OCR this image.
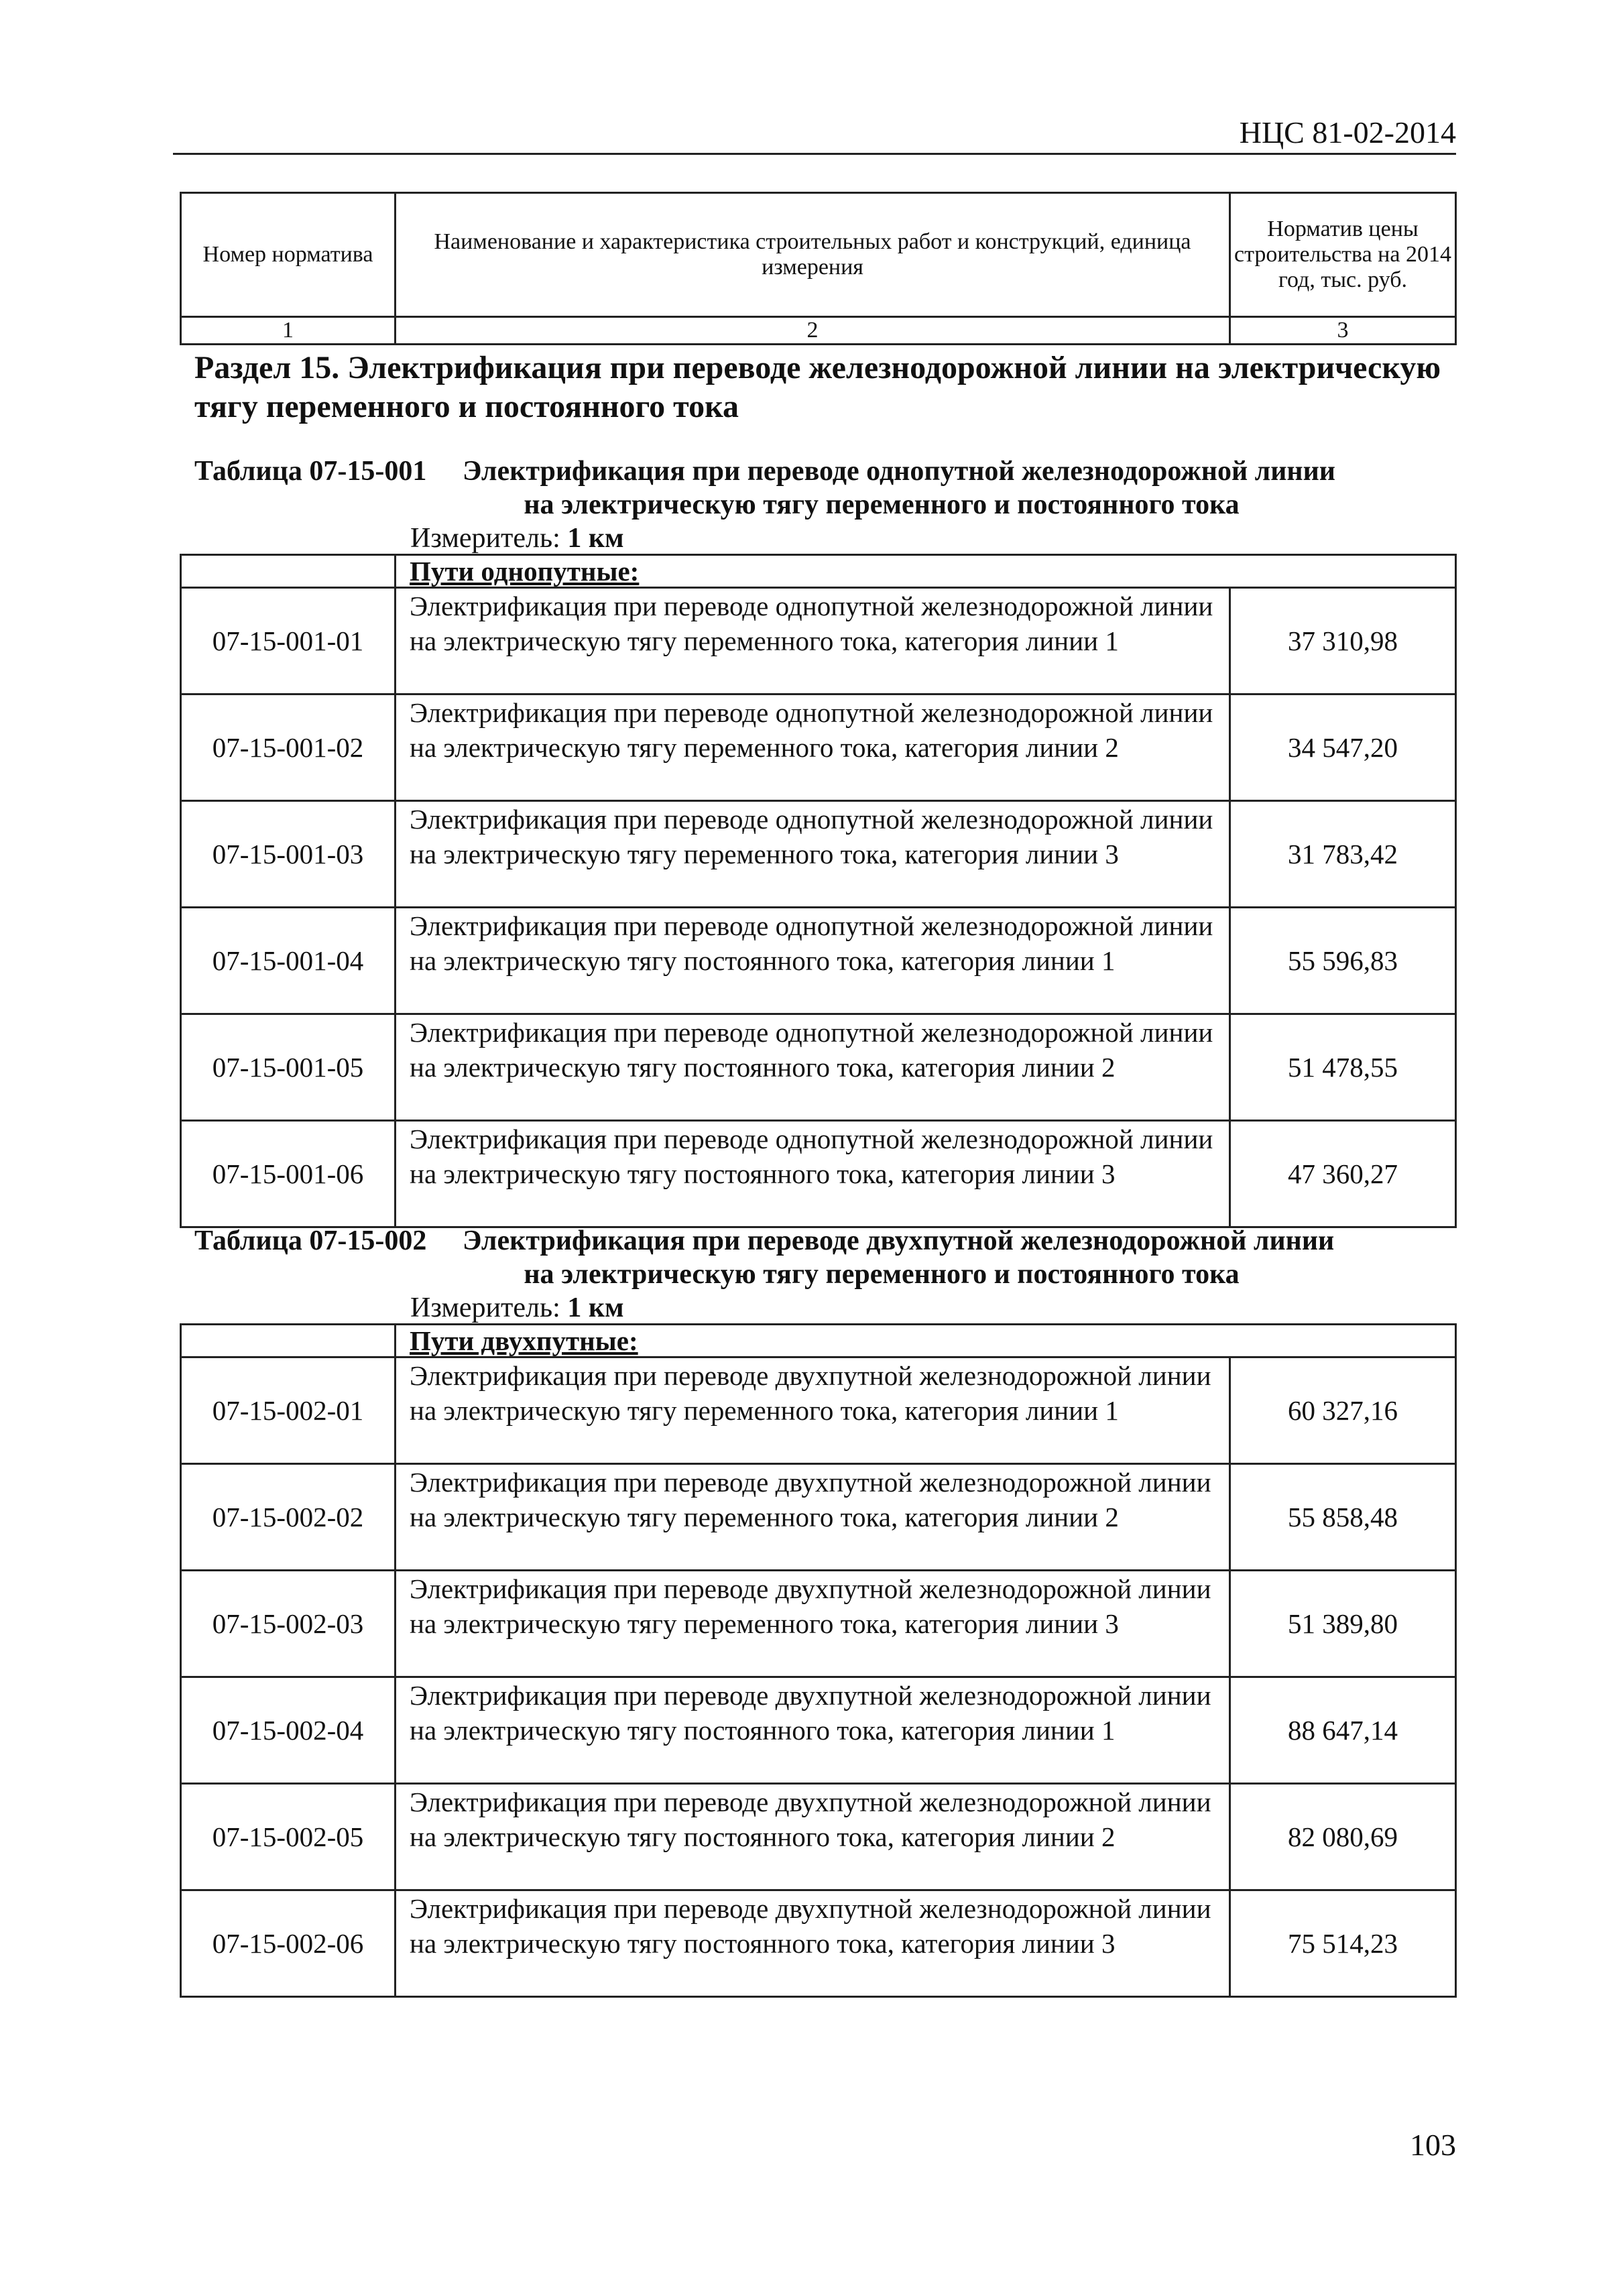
НЦС 81-02-2014
Номер норматива	Наименование и характеристика строительных работ и конструкций, единица измерения	Норматив цены строительства на 2014 год, тыс. руб.
1	2	3
Раздел 15. Электрификация при переводе железнодорожной линии на электрическую тягу переменного и постоянного тока
Таблица 07-15-001 Электрификация при переводе однопутной железнодорожной линии
на электрическую тягу переменного и постоянного тока
Измеритель: 1 км
	Пути однопутные:	
07-15-001-01	Электрификация при переводе однопутной железнодорожной линии на электрическую тягу переменного тока, категория линии 1	37 310,98
07-15-001-02	Электрификация при переводе однопутной железнодорожной линии на электрическую тягу переменного тока, категория линии 2	34 547,20
07-15-001-03	Электрификация при переводе однопутной железнодорожной линии на электрическую тягу переменного тока, категория линии 3	31 783,42
07-15-001-04	Электрификация при переводе однопутной железнодорожной линии на электрическую тягу постоянного тока, категория линии 1	55 596,83
07-15-001-05	Электрификация при переводе однопутной железнодорожной линии на электрическую тягу постоянного тока, категория линии 2	51 478,55
07-15-001-06	Электрификация при переводе однопутной железнодорожной линии на электрическую тягу постоянного тока, категория линии 3	47 360,27
Таблица 07-15-002 Электрификация при переводе двухпутной железнодорожной линии
на электрическую тягу переменного и постоянного тока
Измеритель: 1 км
	Пути двухпутные:	
07-15-002-01	Электрификация при переводе двухпутной железнодорожной линии на электрическую тягу переменного тока, категория линии 1	60 327,16
07-15-002-02	Электрификация при переводе двухпутной железнодорожной линии на электрическую тягу переменного тока, категория линии 2	55 858,48
07-15-002-03	Электрификация при переводе двухпутной железнодорожной линии на электрическую тягу переменного тока, категория линии 3	51 389,80
07-15-002-04	Электрификация при переводе двухпутной железнодорожной линии на электрическую тягу постоянного тока, категория линии 1	88 647,14
07-15-002-05	Электрификация при переводе двухпутной железнодорожной линии на электрическую тягу постоянного тока, категория линии 2	82 080,69
07-15-002-06	Электрификация при переводе двухпутной железнодорожной линии на электрическую тягу постоянного тока, категория линии 3	75 514,23
103
